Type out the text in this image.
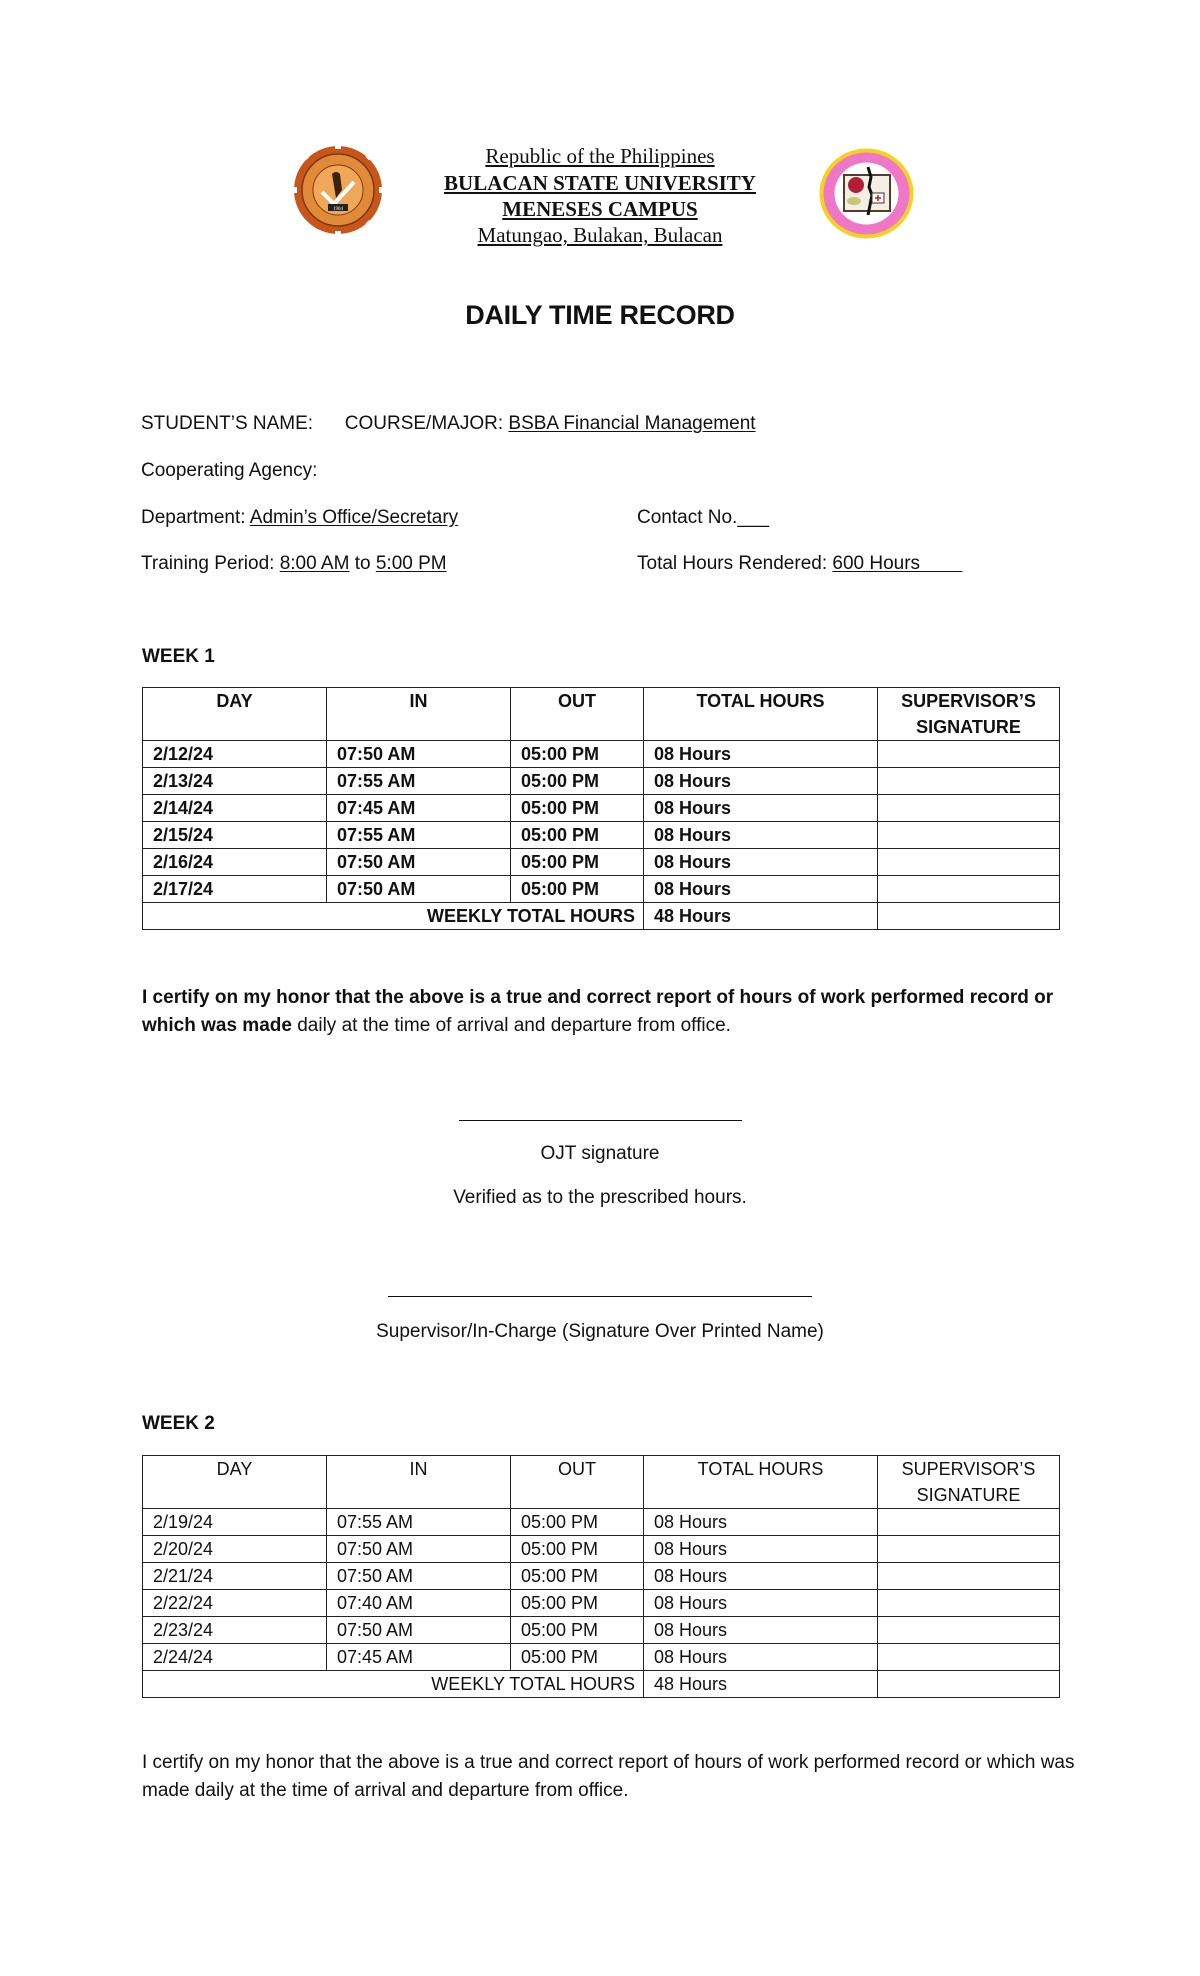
1904
Republic of the Philippines
BULACAN STATE UNIVERSITY
MENESES CAMPUS
Matungao, Bulakan, Bulacan
DAILY TIME RECORD
STUDENT’S NAME: COURSE/MAJOR: BSBA Financial Management
Cooperating Agency:
Department: Admin’s Office/Secretary	Contact No.___
Training Period: 8:00 AM to 5:00 PM	Total Hours Rendered: 600 Hours
WEEK 1
DAY	IN	OUT	TOTAL HOURS	SUPERVISOR’S SIGNATURE
2/12/24	07:50 AM	05:00 PM	08 Hours	
2/13/24	07:55 AM	05:00 PM	08 Hours	
2/14/24	07:45 AM	05:00 PM	08 Hours	
2/15/24	07:55 AM	05:00 PM	08 Hours	
2/16/24	07:50 AM	05:00 PM	08 Hours	
2/17/24	07:50 AM	05:00 PM	08 Hours	
WEEKLY TOTAL HOURS			48 Hours	
I certify on my honor that the above is a true and correct report of hours of work performed record or which was made daily at the time of arrival and departure from office.
OJT signature
Verified as to the prescribed hours.
Supervisor/In-Charge (Signature Over Printed Name)
WEEK 2
DAY	IN	OUT	TOTAL HOURS	SUPERVISOR’S SIGNATURE
2/19/24	07:55 AM	05:00 PM	08 Hours	
2/20/24	07:50 AM	05:00 PM	08 Hours	
2/21/24	07:50 AM	05:00 PM	08 Hours	
2/22/24	07:40 AM	05:00 PM	08 Hours	
2/23/24	07:50 AM	05:00 PM	08 Hours	
2/24/24	07:45 AM	05:00 PM	08 Hours	
WEEKLY TOTAL HOURS			48 Hours	
I certify on my honor that the above is a true and correct report of hours of work performed record or which was made daily at the time of arrival and departure from office.
